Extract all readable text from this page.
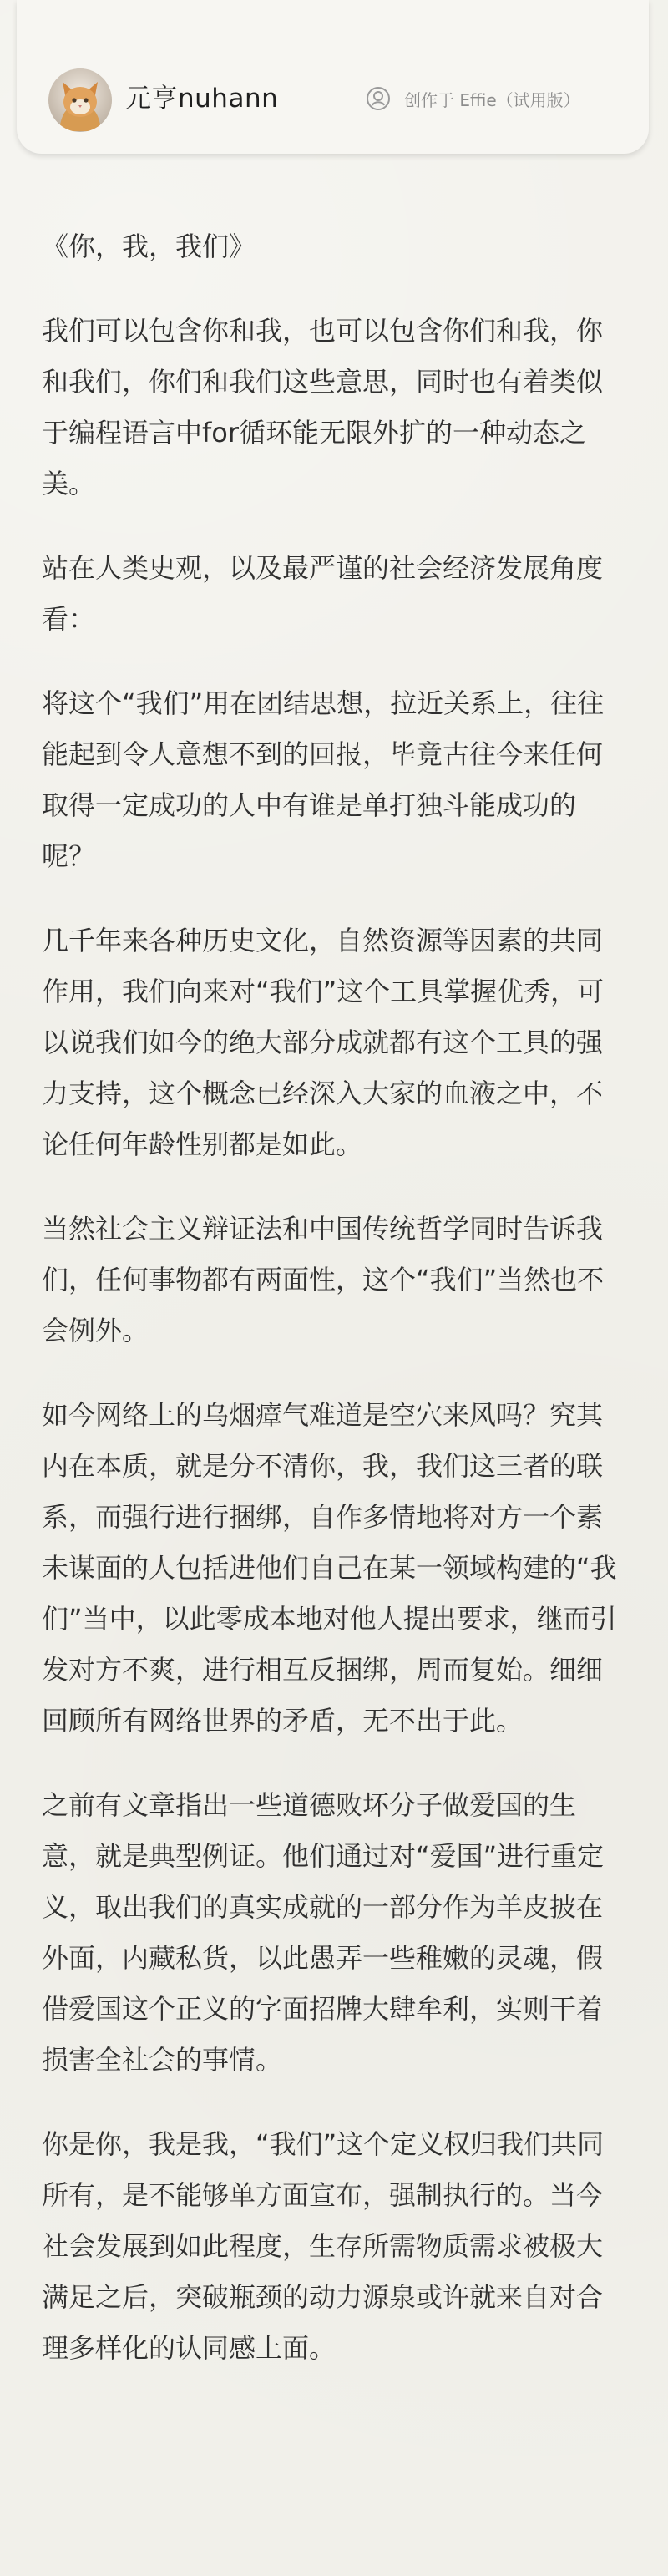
元亨nuhann	创作于 Effie（试用版）

《你，我，我们》

我们可以包含你和我，也可以包含你们和我，你和我们，你们和我们这些意思，同时也有着类似于编程语言中for循环能无限外扩的一种动态之美。

站在人类史观，以及最严谨的社会经济发展角度看：

将这个“我们”用在团结思想，拉近关系上，往往能起到令人意想不到的回报，毕竟古往今来任何取得一定成功的人中有谁是单打独斗能成功的呢？

几千年来各种历史文化，自然资源等因素的共同作用，我们向来对“我们”这个工具掌握优秀，可以说我们如今的绝大部分成就都有这个工具的强力支持，这个概念已经深入大家的血液之中，不论任何年龄性别都是如此。

当然社会主义辩证法和中国传统哲学同时告诉我们，任何事物都有两面性，这个“我们”当然也不会例外。

如今网络上的乌烟瘴气难道是空穴来风吗？究其内在本质，就是分不清你，我，我们这三者的联系，而强行进行捆绑，自作多情地将对方一个素未谋面的人包括进他们自己在某一领域构建的“我们”当中，以此零成本地对他人提出要求，继而引发对方不爽，进行相互反捆绑，周而复始。细细回顾所有网络世界的矛盾，无不出于此。

之前有文章指出一些道德败坏分子做爱国的生意，就是典型例证。他们通过对“爱国”进行重定义，取出我们的真实成就的一部分作为羊皮披在外面，内藏私货，以此愚弄一些稚嫩的灵魂，假借爱国这个正义的字面招牌大肆牟利，实则干着损害全社会的事情。

你是你，我是我，“我们”这个定义权归我们共同所有，是不能够单方面宣布，强制执行的。当今社会发展到如此程度，生存所需物质需求被极大满足之后，突破瓶颈的动力源泉或许就来自对合理多样化的认同感上面。
